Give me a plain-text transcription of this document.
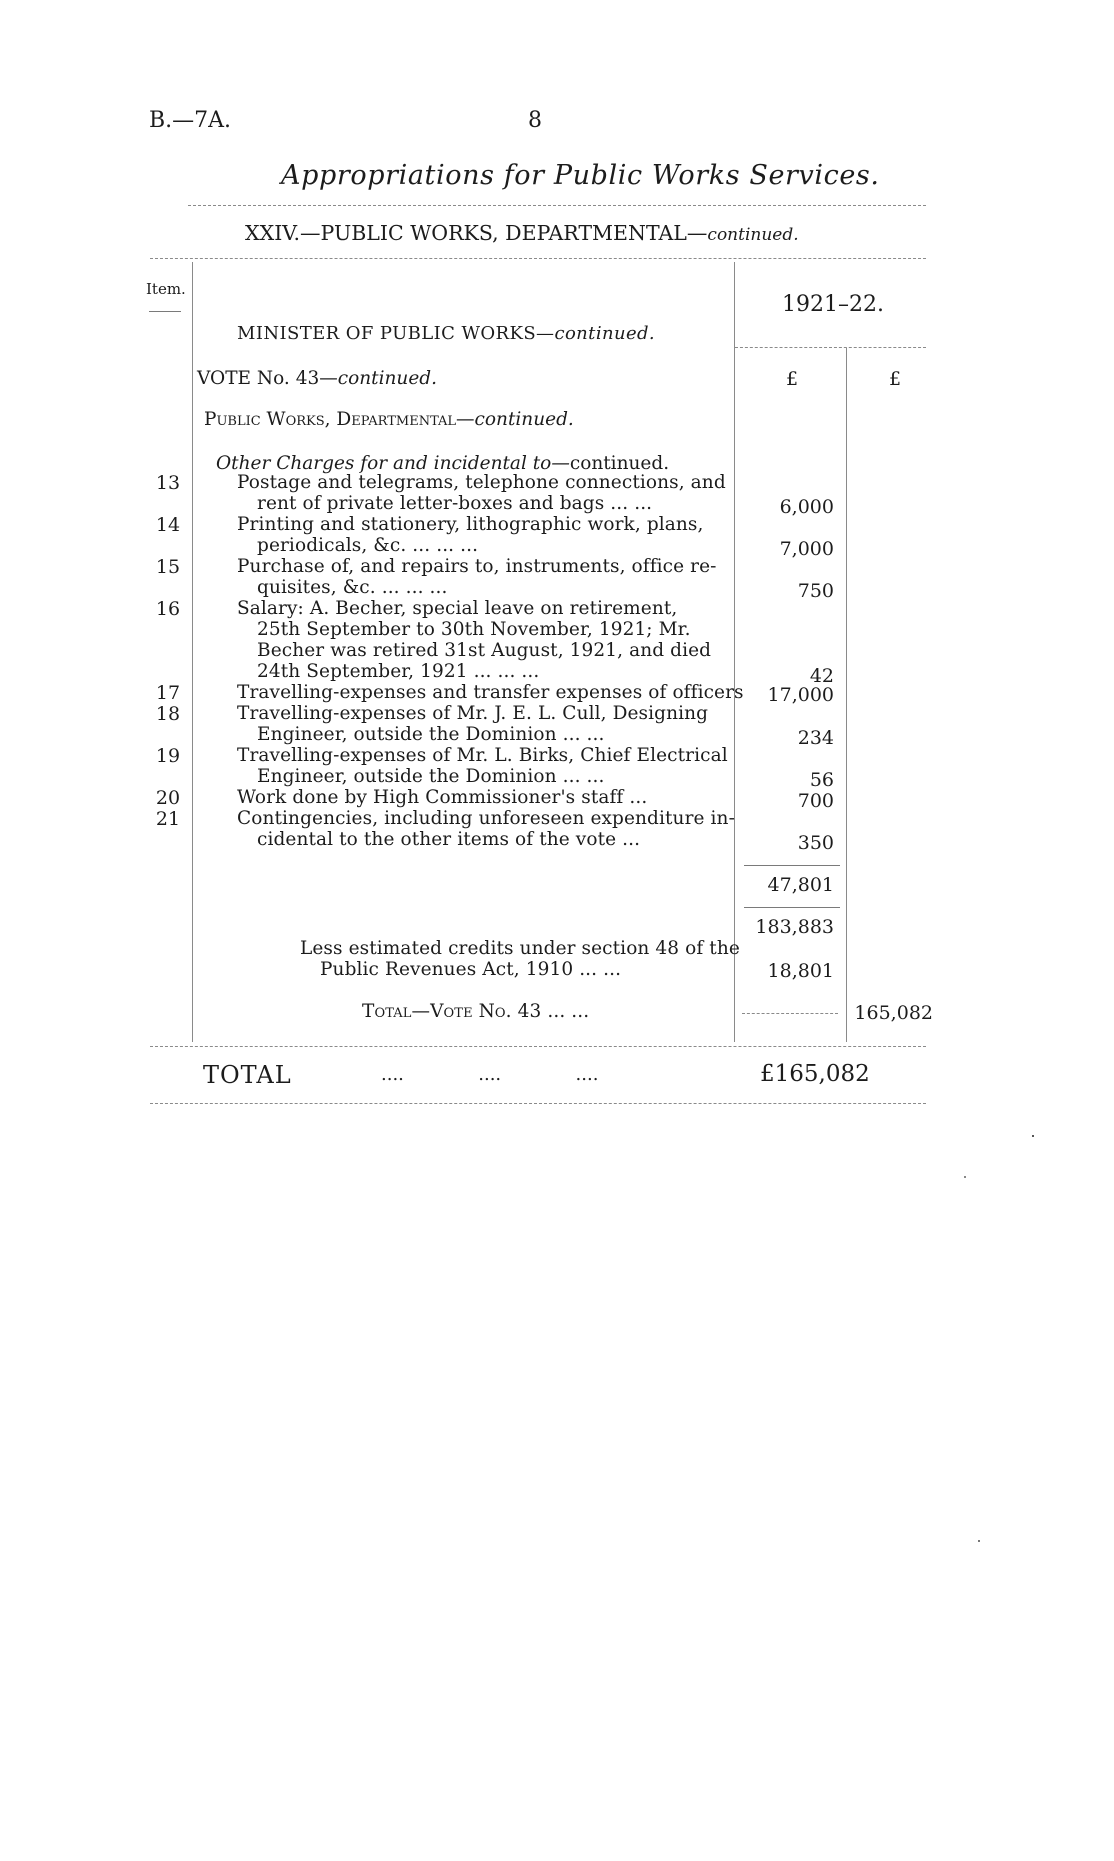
B.—7A.	8
Appropriations for Public Works Services.
XXIV.—PUBLIC WORKS, DEPARTMENTAL—continued.
Item.
1921–22.
MINISTER OF PUBLIC WORKS—continued.
VOTE No. 43—continued.	£	£
Public Works, Departmental—continued.
Other Charges for and incidental to—continued.
13	Postage and telegrams, telephone connections, and
rent of private letter-boxes and bags ... ...	6,000
14	Printing and stationery, lithographic work, plans,
periodicals, &c. ... ... ...	7,000
15	Purchase of, and repairs to, instruments, office re-
quisites, &c. ... ... ...	750
16	Salary: A. Becher, special leave on retirement,
25th September to 30th November, 1921; Mr.
Becher was retired 31st August, 1921, and died
24th September, 1921 ... ... ...	42
17	Travelling-expenses and transfer expenses of officers	17,000
18	Travelling-expenses of Mr. J. E. L. Cull, Designing
Engineer, outside the Dominion ... ...	234
19	Travelling-expenses of Mr. L. Birks, Chief Electrical
Engineer, outside the Dominion ... ...	56
20	Work done by High Commissioner's staff ...	700
21	Contingencies, including unforeseen expenditure in-
cidental to the other items of the vote ...	350
47,801
183,883
Less estimated credits under section 48 of the
Public Revenues Act, 1910 ... ...	18,801
Total—Vote No. 43 ... ...	165,082
TOTAL	....             ....             ....	£165,082
